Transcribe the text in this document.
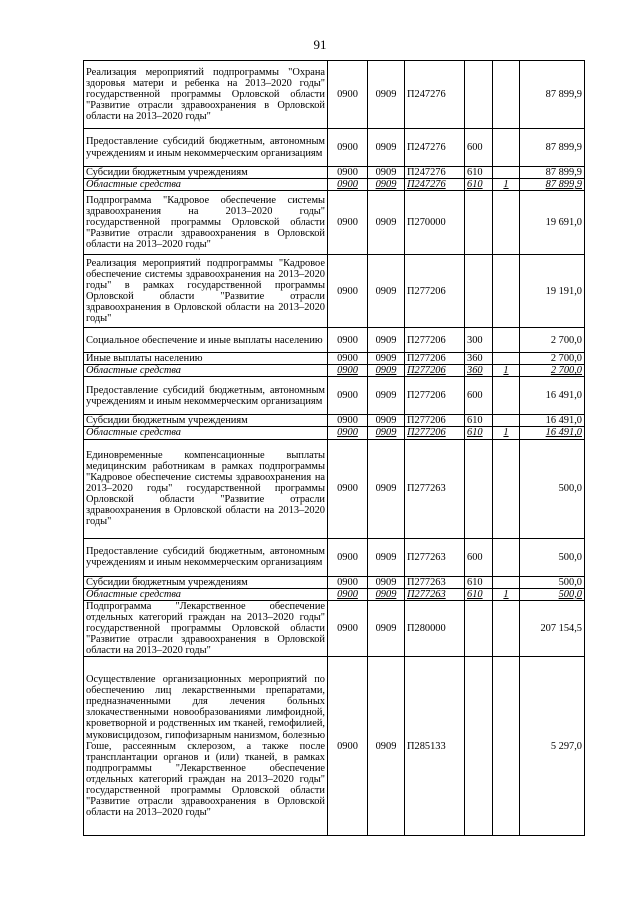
91
Реализация мероприятий подпрограммы "Охрана здоровья матери и ребенка на 2013–2020 годы" государственной программы Орловской области "Развитие отрасли здравоохранения в Орловской области на 2013–2020 годы"	0900	0909	П247276			87 899,9
Предоставление субсидий бюджетным, автономным учреждениям и иным некоммерческим организациям	0900	0909	П247276	600		87 899,9
Субсидии бюджетным учреждениям	0900	0909	П247276	610		87 899,9
Областные средства	0900	0909	П247276	610	1	87 899,9
Подпрограмма "Кадровое обеспечение системы здравоохранения на 2013–2020 годы" государственной программы Орловской области "Развитие отрасли здравоохранения в Орловской области на 2013–2020 годы"	0900	0909	П270000			19 691,0
Реализация мероприятий подпрограммы "Кадровое обеспечение системы здравоохранения на 2013–2020 годы" в рамках государственной программы Орловской области "Развитие отрасли здравоохранения в Орловской области на 2013–2020 годы"	0900	0909	П277206			19 191,0
Социальное обеспечение и иные выплаты населению	0900	0909	П277206	300		2 700,0
Иные выплаты населению	0900	0909	П277206	360		2 700,0
Областные средства	0900	0909	П277206	360	1	2 700,0
Предоставление субсидий бюджетным, автономным учреждениям и иным некоммерческим организациям	0900	0909	П277206	600		16 491,0
Субсидии бюджетным учреждениям	0900	0909	П277206	610		16 491,0
Областные средства	0900	0909	П277206	610	1	16 491,0
Единовременные компенсационные выплаты медицинским работникам в рамках подпрограммы "Кадровое обеспечение системы здравоохранения на 2013–2020 годы" государственной программы Орловской области "Развитие отрасли здравоохранения в Орловской области на 2013–2020 годы"	0900	0909	П277263			500,0
Предоставление субсидий бюджетным, автономным учреждениям и иным некоммерческим организациям	0900	0909	П277263	600		500,0
Субсидии бюджетным учреждениям	0900	0909	П277263	610		500,0
Областные средства	0900	0909	П277263	610	1	500,0
Подпрограмма "Лекарственное обеспечение отдельных категорий граждан на 2013–2020 годы" государственной программы Орловской области "Развитие отрасли здравоохранения в Орловской области на 2013–2020 годы"	0900	0909	П280000			207 154,5
Осуществление организационных мероприятий по обеспечению лиц лекарственными препаратами, предназначенными для лечения больных злокачественными новообразованиями лимфоидной, кроветворной и родственных им тканей, гемофилией, муковисцидозом, гипофизарным нанизмом, болезнью Гоше, рассеянным склерозом, а также после трансплантации органов и (или) тканей, в рамках подпрограммы "Лекарственное обеспечение отдельных категорий граждан на 2013–2020 годы" государственной программы Орловской области "Развитие отрасли здравоохранения в Орловской области на 2013–2020 годы"	0900	0909	П285133			5 297,0
